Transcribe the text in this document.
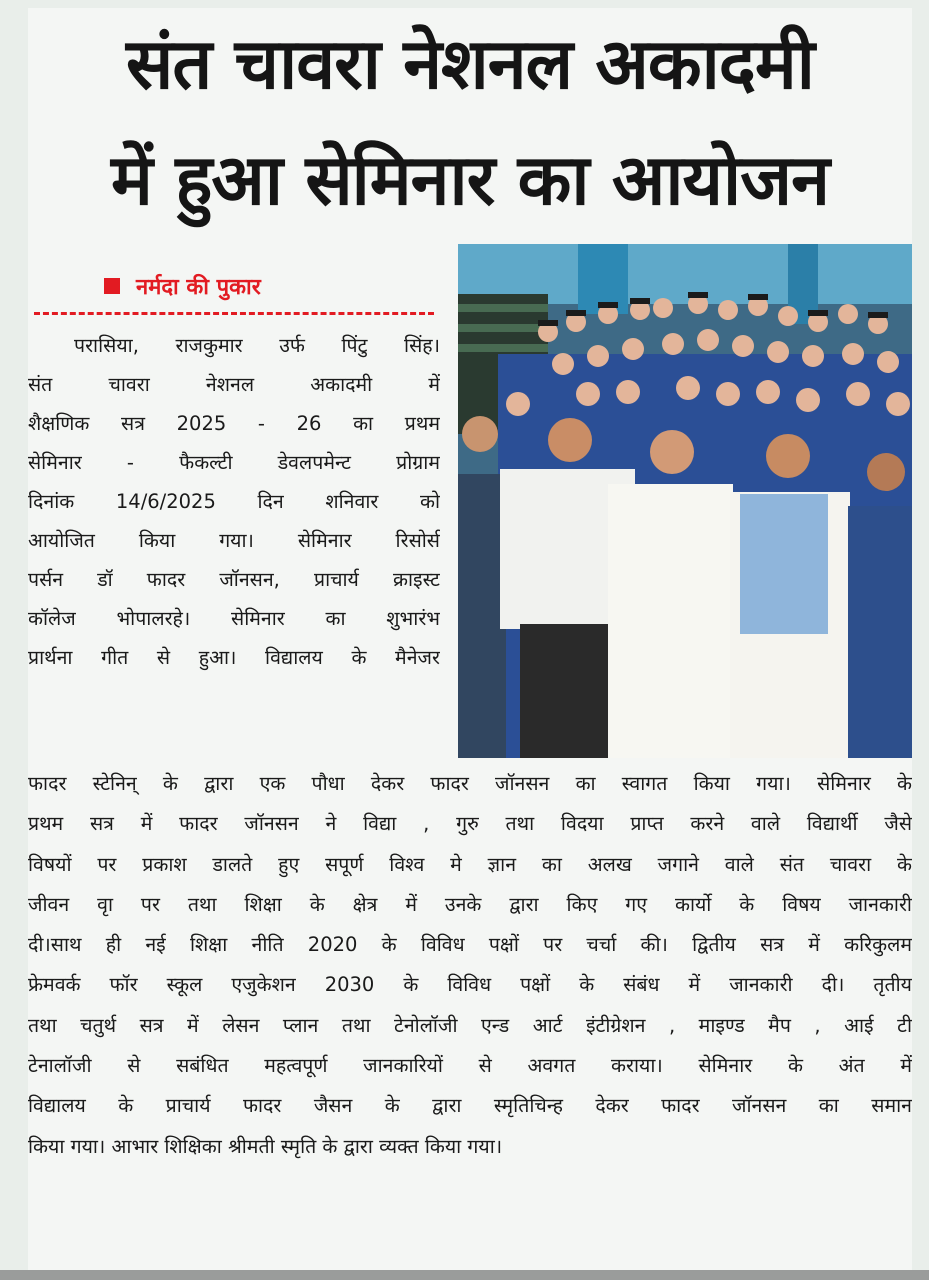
संत चावरा नेशनल अकादमी
में हुआ सेमिनार का आयोजन
नर्मदा की पुकार
परासिया, राजकुमार उर्फ पिंटु सिंह।
संत चावरा नेशनल अकादमी में
शैक्षणिक सत्र 2025 - 26 का प्रथम
सेमिनार - फैकल्टी डेवलपमेन्ट प्रोग्राम
दिनांक 14/6/2025 दिन शनिवार को
आयोजित किया गया। सेमिनार रिसोर्स
पर्सन डॉ फादर जॉनसन, प्राचार्य क्राइस्ट
कॉलेज भोपालरहे। सेमिनार का शुभारंभ
प्रार्थना गीत से हुआ। विद्यालय के मैनेजर
फादर स्टेनिन् के द्वारा एक पौधा देकर फादर जॉनसन का स्वागत किया गया। सेमिनार के
प्रथम सत्र में फादर जॉनसन ने विद्या , गुरु तथा विदया प्राप्त करने वाले विद्यार्थी जैसे
विषयों पर प्रकाश डालते हुए सपूर्ण विश्व मे ज्ञान का अलख जगाने वाले संत चावरा के
जीवन वृा पर तथा शिक्षा के क्षेत्र में उनके द्वारा किए गए कार्यो के विषय जानकारी
दी।साथ ही नई शिक्षा नीति 2020 के विविध पक्षों पर चर्चा की। द्वितीय सत्र में करिकुलम
फ्रेमवर्क फॉर स्कूल एजुकेशन 2030 के विविध पक्षों के संबंध में जानकारी दी। तृतीय
तथा चतुर्थ सत्र में लेसन प्लान तथा टेनोलॉजी एन्ड आर्ट इंटीग्रेशन , माइण्ड मैप , आई टी
टेनालॉजी से सबंधित महत्वपूर्ण जानकारियों से अवगत कराया। सेमिनार के अंत में
विद्यालय के प्राचार्य फादर जैसन के द्वारा स्मृतिचिन्ह देकर फादर जॉनसन का समान
किया गया। आभार शिक्षिका श्रीमती स्मृति के द्वारा व्यक्त किया गया।
